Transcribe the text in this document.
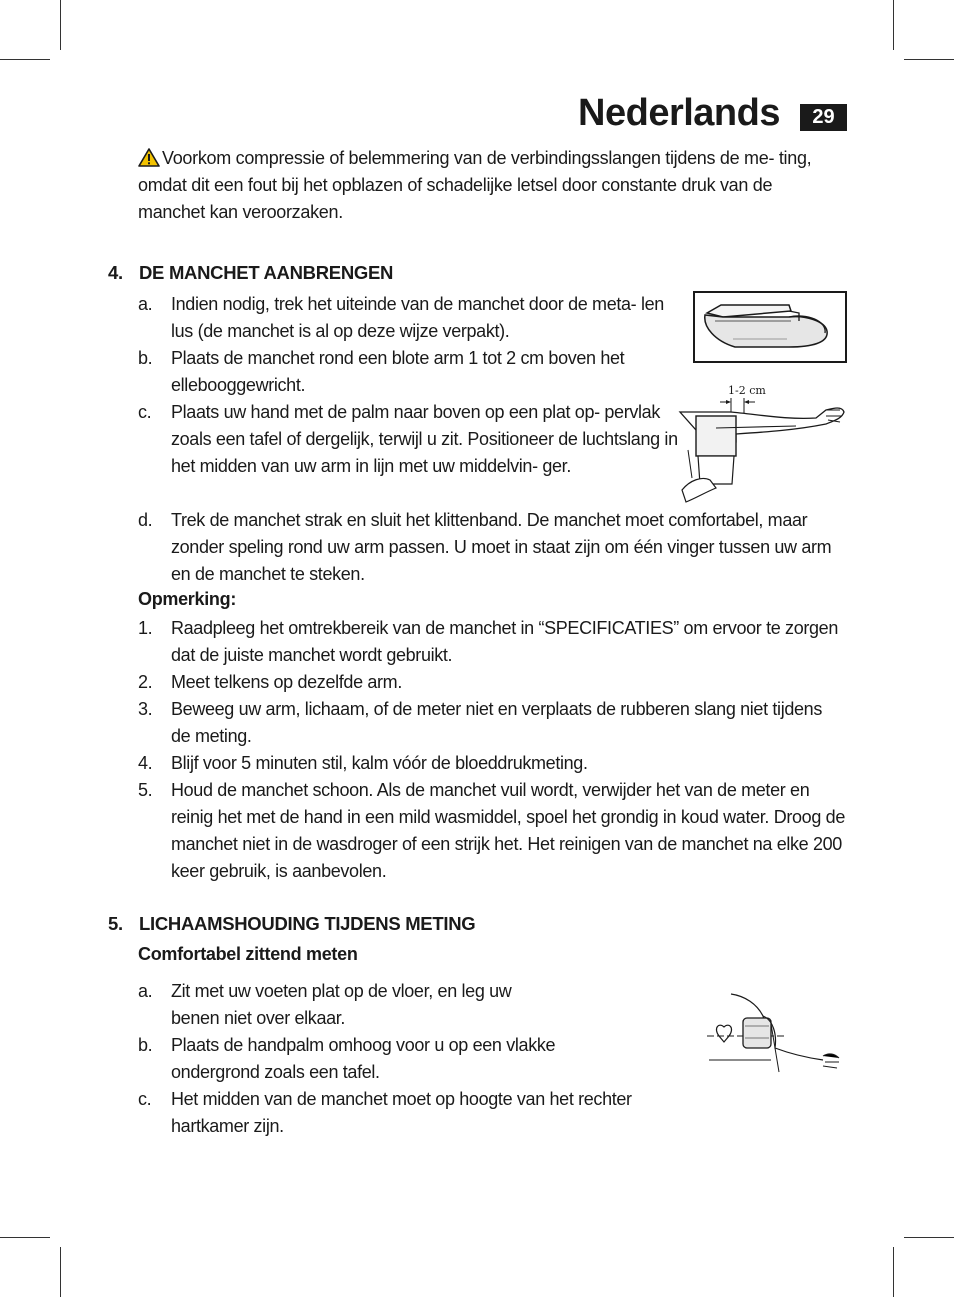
Nederlands	29
Voorkom compressie of belemmering van de verbindingsslangen tijdens de me- ting, omdat dit een fout bij het opblazen of schadelijke letsel door constante druk van de manchet kan veroorzaken.
4. DE MANCHET AANBRENGEN
a. Indien nodig, trek het uiteinde van de manchet door de meta- len lus (de manchet is al op deze wijze verpakt).
b. Plaats de manchet rond een blote arm 1 tot 2 cm boven het ellebooggewricht.
c. Plaats uw hand met de palm naar boven op een plat op- pervlak zoals een tafel of dergelijk, terwijl u zit. Positioneer de luchtslang in het midden van uw arm in lijn met uw middelvin- ger.
d. Trek de manchet strak en sluit het klittenband. De manchet moet comfortabel, maar zonder speling rond uw arm passen. U moet in staat zijn om één vinger tussen uw arm en de manchet te steken.
Opmerking:
1. Raadpleeg het omtrekbereik van de manchet in “SPECIFICATIES” om ervoor te zorgen dat de juiste manchet wordt gebruikt.
2. Meet telkens op dezelfde arm.
3. Beweeg uw arm, lichaam, of de meter niet en verplaats de rubberen slang niet tijdens de meting.
4. Blijf voor 5 minuten stil, kalm vóór de bloeddrukmeting.
5. Houd de manchet schoon. Als de manchet vuil wordt, verwijder het van de meter en reinig het met de hand in een mild wasmiddel, spoel het grondig in koud water. Droog de manchet niet in de wasdroger of een strijk het. Het reinigen van de manchet na elke 200 keer gebruik, is aanbevolen.
1-2 cm
5. LICHAAMSHOUDING TIJDENS METING
Comfortabel zittend meten
a. Zit met uw voeten plat op de vloer, en leg uw benen niet over elkaar.
b. Plaats de handpalm omhoog voor u op een vlakke ondergrond zoals een tafel.
c. Het midden van de manchet moet op hoogte van het rechter hartkamer zijn.
